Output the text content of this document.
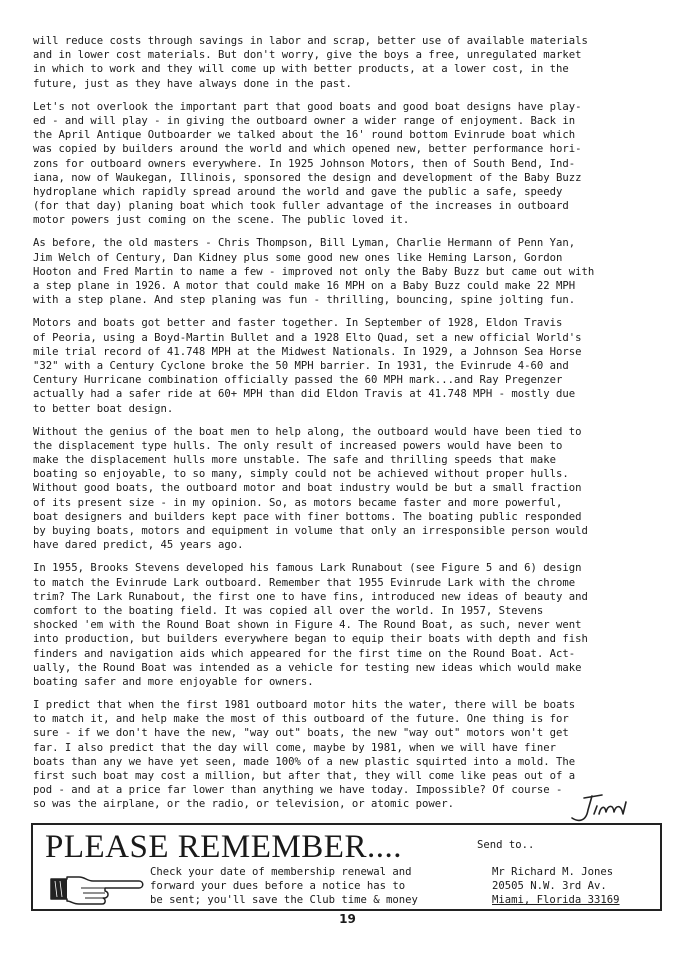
will reduce costs through savings in labor and scrap, better use of available materials
and in lower cost materials. But don't worry, give the boys a free, unregulated market
in which to work and they will come up with better products, at a lower cost, in the
future, just as they have always done in the past.
Let's not overlook the important part that good boats and good boat designs have play-
ed - and will play - in giving the outboard owner a wider range of enjoyment. Back in
the April Antique Outboarder we talked about the 16' round bottom Evinrude boat which
was copied by builders around the world and which opened new, better performance hori-
zons for outboard owners everywhere. In 1925 Johnson Motors, then of South Bend, Ind-
iana, now of Waukegan, Illinois, sponsored the design and development of the Baby Buzz
hydroplane which rapidly spread around the world and gave the public a safe, speedy
(for that day) planing boat which took fuller advantage of the increases in outboard
motor powers just coming on the scene. The public loved it.
As before, the old masters - Chris Thompson, Bill Lyman, Charlie Hermann of Penn Yan,
Jim Welch of Century, Dan Kidney plus some good new ones like Heming Larson, Gordon
Hooton and Fred Martin to name a few - improved not only the Baby Buzz but came out with
a step plane in 1926. A motor that could make 16 MPH on a Baby Buzz could make 22 MPH
with a step plane. And step planing was fun - thrilling, bouncing, spine jolting fun.
Motors and boats got better and faster together. In September of 1928, Eldon Travis
of Peoria, using a Boyd-Martin Bullet and a 1928 Elto Quad, set a new official World's
mile trial record of 41.748 MPH at the Midwest Nationals. In 1929, a Johnson Sea Horse
"32" with a Century Cyclone broke the 50 MPH barrier. In 1931, the Evinrude 4-60 and
Century Hurricane combination officially passed the 60 MPH mark...and Ray Pregenzer
actually had a safer ride at 60+ MPH than did Eldon Travis at 41.748 MPH - mostly due
to better boat design.
Without the genius of the boat men to help along, the outboard would have been tied to
the displacement type hulls. The only result of increased powers would have been to
make the displacement hulls more unstable. The safe and thrilling speeds that make
boating so enjoyable, to so many, simply could not be achieved without proper hulls.
Without good boats, the outboard motor and boat industry would be but a small fraction
of its present size - in my opinion. So, as motors became faster and more powerful,
boat designers and builders kept pace with finer bottoms. The boating public responded
by buying boats, motors and equipment in volume that only an irresponsible person would
have dared predict, 45 years ago.
In 1955, Brooks Stevens developed his famous Lark Runabout (see Figure 5 and 6) design
to match the Evinrude Lark outboard. Remember that 1955 Evinrude Lark with the chrome
trim? The Lark Runabout, the first one to have fins, introduced new ideas of beauty and
comfort to the boating field. It was copied all over the world. In 1957, Stevens
shocked 'em with the Round Boat shown in Figure 4. The Round Boat, as such, never went
into production, but builders everywhere began to equip their boats with depth and fish
finders and navigation aids which appeared for the first time on the Round Boat. Act-
ually, the Round Boat was intended as a vehicle for testing new ideas which would make
boating safer and more enjoyable for owners.
I predict that when the first 1981 outboard motor hits the water, there will be boats
to match it, and help make the most of this outboard of the future. One thing is for
sure - if we don't have the new, "way out" boats, the new "way out" motors won't get
far. I also predict that the day will come, maybe by 1981, when we will have finer
boats than any we have yet seen, made 100% of a new plastic squirted into a mold. The
first such boat may cost a million, but after that, they will come like peas out of a
pod - and at a price far lower than anything we have today. Impossible? Of course -
so was the airplane, or the radio, or television, or atomic power.
PLEASE REMEMBER....
Check your date of membership renewal and
forward your dues before a notice has to
be sent; you'll save the Club time & money
Send to..
Mr Richard M. Jones
20505 N.W. 3rd Av.
Miami, Florida 33169
19
